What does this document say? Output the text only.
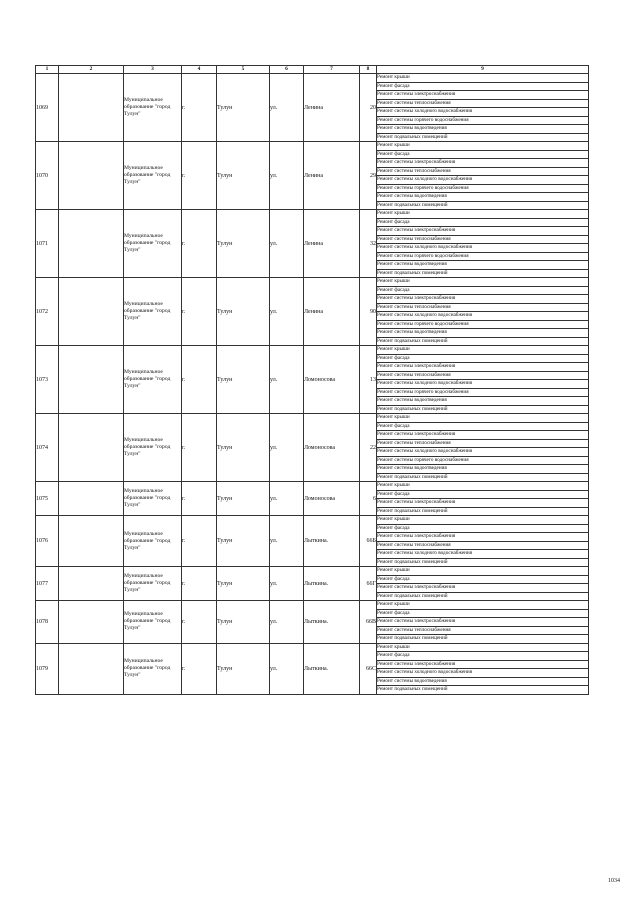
1	2	3	4	5	6	7	8	9
1069		Муниципальное образование "город Тулун"	г.	Тулун	ул.	Ленина	20	Ремонт крыши
								Ремонт фасада
								Ремонт системы электроснабжения
								Ремонт системы теплоснабжения
								Ремонт системы холодного водоснабжения
								Ремонт системы горячего водоснабжения
								Ремонт системы водоотведения
								Ремонт подвальных помещений
1070		Муниципальное образование "город Тулун"	г.	Тулун	ул.	Ленина	29	Ремонт крыши
								Ремонт фасада
								Ремонт системы электроснабжения
								Ремонт системы теплоснабжения
								Ремонт системы холодного водоснабжения
								Ремонт системы горячего водоснабжения
								Ремонт системы водоотведения
								Ремонт подвальных помещений
1071		Муниципальное образование "город Тулун"	г.	Тулун	ул.	Ленина	32	Ремонт крыши
								Ремонт фасада
								Ремонт системы электроснабжения
								Ремонт системы теплоснабжения
								Ремонт системы холодного водоснабжения
								Ремонт системы горячего водоснабжения
								Ремонт системы водоотведения
								Ремонт подвальных помещений
1072		Муниципальное образование "город Тулун"	г.	Тулун	ул.	Ленина	90	Ремонт крыши
								Ремонт фасада
								Ремонт системы электроснабжения
								Ремонт системы теплоснабжения
								Ремонт системы холодного водоснабжения
								Ремонт системы горячего водоснабжения
								Ремонт системы водоотведения
								Ремонт подвальных помещений
1073		Муниципальное образование "город Тулун"	г.	Тулун	ул.	Ломоносова	13	Ремонт крыши
								Ремонт фасада
								Ремонт системы электроснабжения
								Ремонт системы теплоснабжения
								Ремонт системы холодного водоснабжения
								Ремонт системы горячего водоснабжения
								Ремонт системы водоотведения
								Ремонт подвальных помещений
1074		Муниципальное образование "город Тулун"	г.	Тулун	ул.	Ломоносова	22	Ремонт крыши
								Ремонт фасада
								Ремонт системы электроснабжения
								Ремонт системы теплоснабжения
								Ремонт системы холодного водоснабжения
								Ремонт системы горячего водоснабжения
								Ремонт системы водоотведения
								Ремонт подвальных помещений
1075		Муниципальное образование "город Тулун"	г.	Тулун	ул.	Ломоносова	6	Ремонт крыши
								Ремонт фасада
								Ремонт системы электроснабжения
								Ремонт подвальных помещений
1076		Муниципальное образование "город Тулун"	г.	Тулун	ул.	Лыткина.	66Б	Ремонт крыши
								Ремонт фасада
								Ремонт системы электроснабжения
								Ремонт системы теплоснабжения
								Ремонт системы холодного водоснабжения
								Ремонт подвальных помещений
1077		Муниципальное образование "город Тулун"	г.	Тулун	ул.	Лыткина.	66Г	Ремонт крыши
								Ремонт фасада
								Ремонт системы электроснабжения
								Ремонт подвальных помещений
1078		Муниципальное образование "город Тулун"	г.	Тулун	ул.	Лыткина.	66В	Ремонт крыши
								Ремонт фасада
								Ремонт системы электроснабжения
								Ремонт системы теплоснабжения
								Ремонт подвальных помещений
1079		Муниципальное образование "город Тулун"	г.	Тулун	ул.	Лыткина.	66С	Ремонт крыши
								Ремонт фасада
								Ремонт системы электроснабжения
								Ремонт системы холодного водоснабжения
								Ремонт системы водоотведения
								Ремонт подвальных помещений
1034
